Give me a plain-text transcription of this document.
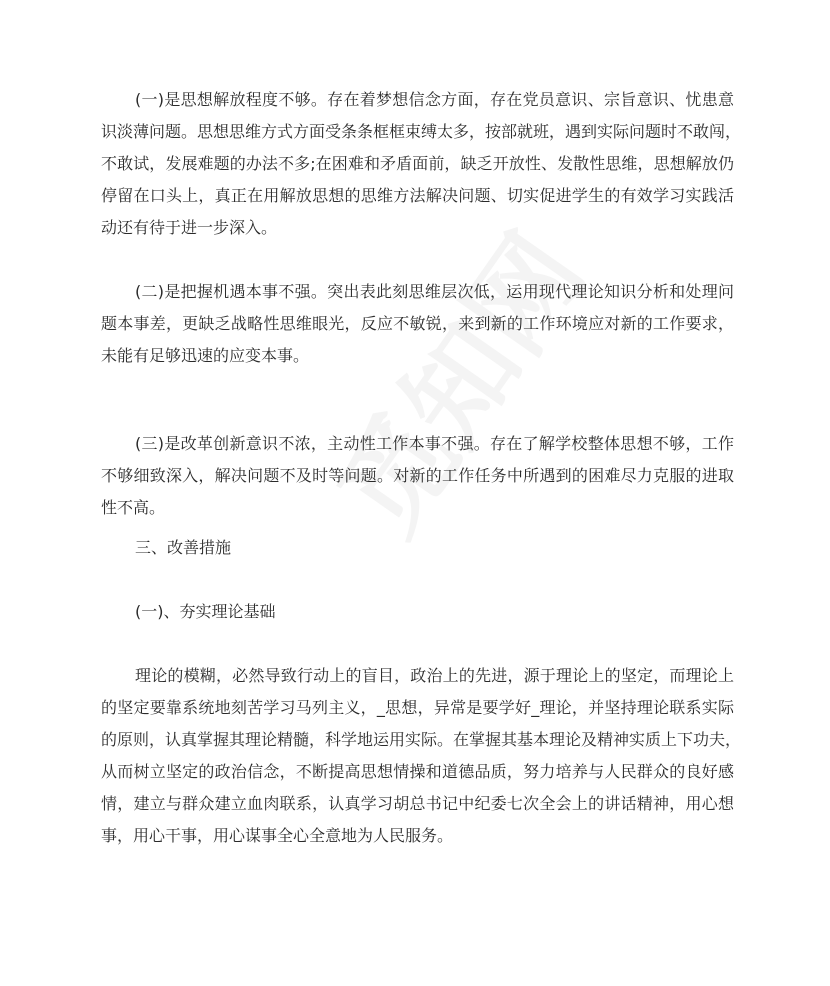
(一)是思想解放程度不够。存在着梦想信念方面，存在党员意识、宗旨意识、忧患意
识淡薄问题。思想思维方式方面受条条框框束缚太多，按部就班，遇到实际问题时不敢闯，
不敢试，发展难题的办法不多;在困难和矛盾面前，缺乏开放性、发散性思维，思想解放仍
停留在口头上，真正在用解放思想的思维方法解决问题、切实促进学生的有效学习实践活
动还有待于进一步深入。
(二)是把握机遇本事不强。突出表此刻思维层次低，运用现代理论知识分析和处理问
题本事差，更缺乏战略性思维眼光，反应不敏锐，来到新的工作环境应对新的工作要求，
未能有足够迅速的应变本事。
(三)是改革创新意识不浓，主动性工作本事不强。存在了解学校整体思想不够，工作
不够细致深入，解决问题不及时等问题。对新的工作任务中所遇到的困难尽力克服的进取
性不高。
三、改善措施
(一)、夯实理论基础
理论的模糊，必然导致行动上的盲目，政治上的先进，源于理论上的坚定，而理论上
的坚定要靠系统地刻苦学习马列主义，_思想，异常是要学好_理论，并坚持理论联系实际
的原则，认真掌握其理论精髓，科学地运用实际。在掌握其基本理论及精神实质上下功夫，
从而树立坚定的政治信念，不断提高思想情操和道德品质，努力培养与人民群众的良好感
情，建立与群众建立血肉联系，认真学习胡总书记中纪委七次全会上的讲话精神，用心想
事，用心干事，用心谋事全心全意地为人民服务。
